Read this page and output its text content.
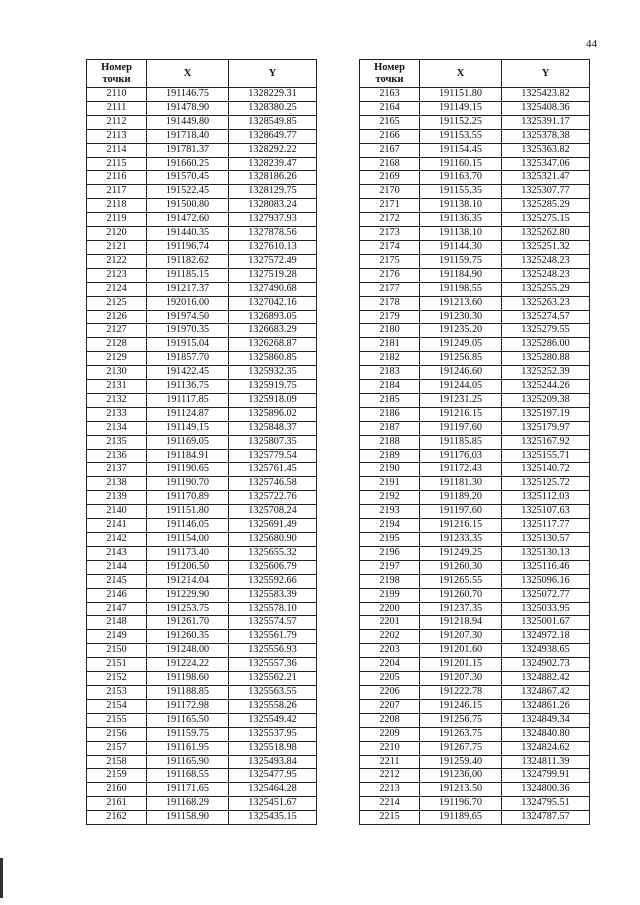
44
Номер
точки	X	Y
2110	191146.75	1328229.31
2111	191478.90	1328380.25
2112	191449.80	1328549.85
2113	191718.40	1328649.77
2114	191781.37	1328292.22
2115	191660.25	1328239.47
2116	191570.45	1328186.26
2117	191522.45	1328129.75
2118	191500.80	1328083.24
2119	191472.60	1327937.93
2120	191440.35	1327878.56
2121	191196.74	1327610.13
2122	191182.62	1327572.49
2123	191185.15	1327519.28
2124	191217.37	1327490.68
2125	192016.00	1327042.16
2126	191974.50	1326893.05
2127	191970.35	1326683.29
2128	191915.04	1326268.87
2129	191857.70	1325860.85
2130	191422.45	1325932.35
2131	191136.75	1325919.75
2132	191117.85	1325918.09
2133	191124.87	1325896.02
2134	191149.15	1325848.37
2135	191169.05	1325807.35
2136	191184.91	1325779.54
2137	191190.65	1325761.45
2138	191190.70	1325746.58
2139	191170.89	1325722.76
2140	191151.80	1325708.24
2141	191146.05	1325691.49
2142	191154.00	1325680.90
2143	191173.40	1325655.32
2144	191206.50	1325606.79
2145	191214.04	1325592.66
2146	191229.90	1325583.39
2147	191253.75	1325578.10
2148	191261.70	1325574.57
2149	191260.35	1325561.79
2150	191248.00	1325556.93
2151	191224.22	1325557.36
2152	191198.60	1325562.21
2153	191188.85	1325563.55
2154	191172.98	1325558.26
2155	191165.50	1325549.42
2156	191159.75	1325537.95
2157	191161.95	1325518.98
2158	191165.90	1325493.84
2159	191168.55	1325477.95
2160	191171.65	1325464.28
2161	191168.29	1325451.67
2162	191158.90	1325435.15
Номер
точки	X	Y
2163	191151.80	1325423.82
2164	191149.15	1325408.36
2165	191152.25	1325391.17
2166	191153.55	1325378.38
2167	191154.45	1325363.82
2168	191160.15	1325347.06
2169	191163.70	1325321.47
2170	191155.35	1325307.77
2171	191138.10	1325285.29
2172	191136.35	1325275.15
2173	191138.10	1325262.80
2174	191144.30	1325251.32
2175	191159.75	1325248.23
2176	191184.90	1325248.23
2177	191198.55	1325255.29
2178	191213.60	1325263.23
2179	191230.30	1325274.57
2180	191235.20	1325279.55
2181	191249.05	1325286.00
2182	191256.85	1325280.88
2183	191246.60	1325252.39
2184	191244.05	1325244.26
2185	191231.25	1325209.38
2186	191216.15	1325197.19
2187	191197.60	1325179.97
2188	191185.85	1325167.92
2189	191176.03	1325155.71
2190	191172.43	1325140.72
2191	191181.30	1325125.72
2192	191189.20	1325112.03
2193	191197.60	1325107.63
2194	191216.15	1325117.77
2195	191233.35	1325130.57
2196	191249.25	1325130.13
2197	191260.30	1325116.46
2198	191265.55	1325096.16
2199	191260.70	1325072.77
2200	191237.35	1325033.95
2201	191218.94	1325001.67
2202	191207.30	1324972.18
2203	191201.60	1324938.65
2204	191201.15	1324902.73
2205	191207.30	1324882.42
2206	191222.78	1324867.42
2207	191246.15	1324861.26
2208	191256.75	1324849.34
2209	191263.75	1324840.80
2210	191267.75	1324824.62
2211	191259.40	1324811.39
2212	191236.00	1324799.91
2213	191213.50	1324800.36
2214	191196.70	1324795.51
2215	191189.65	1324787.57
